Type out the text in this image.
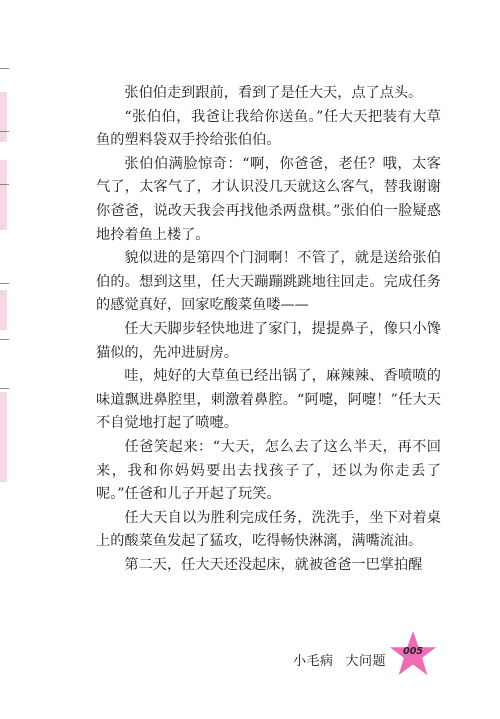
张伯伯走到跟前，看到了是任大天，点了点头。

“张伯伯，我爸让我给你送鱼。”任大天把装有大草鱼的塑料袋双手拎给张伯伯。

张伯伯满脸惊奇：“啊，你爸爸，老任？哦，太客气了，太客气了，才认识没几天就这么客气，替我谢谢你爸爸，说改天我会再找他杀两盘棋。”张伯伯一脸疑惑地拎着鱼上楼了。

貌似进的是第四个门洞啊！不管了，就是送给张伯伯的。想到这里，任大天蹦蹦跳跳地往回走。完成任务的感觉真好，回家吃酸菜鱼喽——

任大天脚步轻快地进了家门，提提鼻子，像只小馋猫似的，先冲进厨房。

哇，炖好的大草鱼已经出锅了，麻辣辣、香喷喷的味道飘进鼻腔里，刺激着鼻腔。“阿嚏，阿嚏！”任大天不自觉地打起了喷嚏。

任爸笑起来：“大天，怎么去了这么半天，再不回来，我和你妈妈要出去找孩子了，还以为你走丢了呢。”任爸和儿子开起了玩笑。

任大天自以为胜利完成任务，洗洗手，坐下对着桌上的酸菜鱼发起了猛攻，吃得畅快淋漓，满嘴流油。

第二天，任大天还没起床，就被爸爸一巴掌拍醒

小毛病 大问题
005
